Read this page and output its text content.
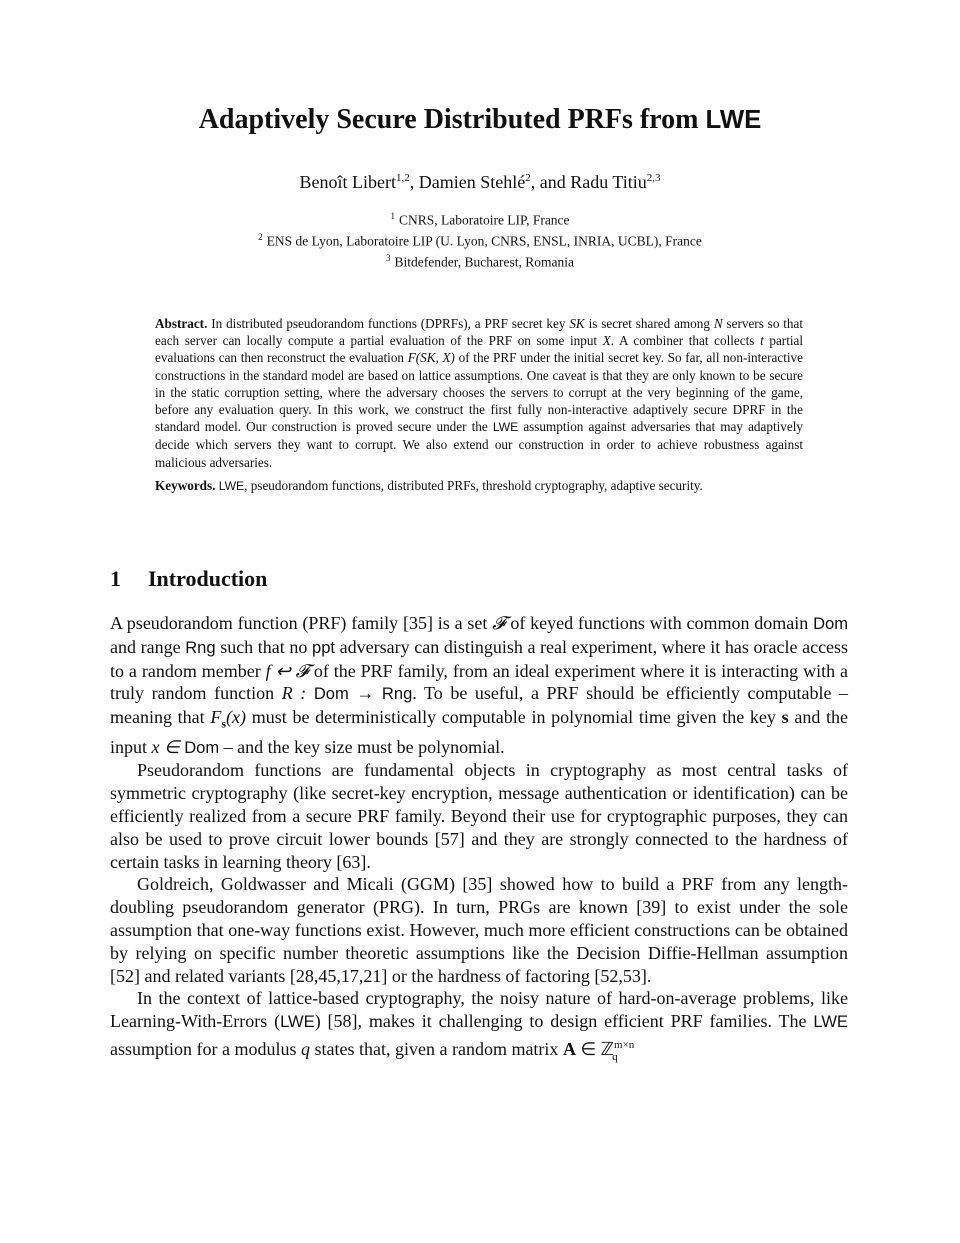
Adaptively Secure Distributed PRFs from LWE
Benoît Libert$^{1,2}$, Damien Stehlé$^2$, and Radu Titiu$^{2,3}$
$^1$ CNRS, Laboratoire LIP, France
$^2$ ENS de Lyon, Laboratoire LIP (U. Lyon, CNRS, ENSL, INRIA, UCBL), France
$^3$ Bitdefender, Bucharest, Romania
Abstract. In distributed pseudorandom functions (DPRFs), a PRF secret key SK is secret shared among N servers so that each server can locally compute a partial evaluation of the PRF on some input X. A combiner that collects t partial evaluations can then reconstruct the evaluation F(SK, X) of the PRF under the initial secret key. So far, all non-interactive constructions in the standard model are based on lattice assumptions. One caveat is that they are only known to be secure in the static corruption setting, where the adversary chooses the servers to corrupt at the very beginning of the game, before any evaluation query. In this work, we construct the first fully non-interactive adaptively secure DPRF in the standard model. Our construction is proved secure under the LWE assumption against adversaries that may adaptively decide which servers they want to corrupt. We also extend our construction in order to achieve robustness against malicious adversaries.
Keywords. LWE, pseudorandom functions, distributed PRFs, threshold cryptography, adaptive security.
1 Introduction

A pseudorandom function (PRF) family [35] is a set 𝓕 of keyed functions with common domain Dom and range Rng such that no ppt adversary can distinguish a real experiment, where it has oracle access to a random member f ↩ 𝓕 of the PRF family, from an ideal experiment where it is interacting with a truly random function R : Dom → Rng. To be useful, a PRF should be efficiently computable – meaning that $F_s(x)$ must be deterministically computable in polynomial time given the key s and the input x ∈ Dom – and the key size must be polynomial.

Pseudorandom functions are fundamental objects in cryptography as most central tasks of symmetric cryptography (like secret-key encryption, message authentication or identification) can be efficiently realized from a secure PRF family. Beyond their use for cryptographic purposes, they can also be used to prove circuit lower bounds [57] and they are strongly connected to the hardness of certain tasks in learning theory [63].

Goldreich, Goldwasser and Micali (GGM) [35] showed how to build a PRF from any length-doubling pseudorandom generator (PRG). In turn, PRGs are known [39] to exist under the sole assumption that one-way functions exist. However, much more efficient constructions can be obtained by relying on specific number theoretic assumptions like the Decision Diffie-Hellman assumption [52] and related variants [28,45,17,21] or the hardness of factoring [52,53].

In the context of lattice-based cryptography, the noisy nature of hard-on-average problems, like Learning-With-Errors (LWE) [58], makes it challenging to design efficient PRF families. The LWE assumption for a modulus q states that, given a random matrix A ∈ ℤ$^{m\times n}_q$
